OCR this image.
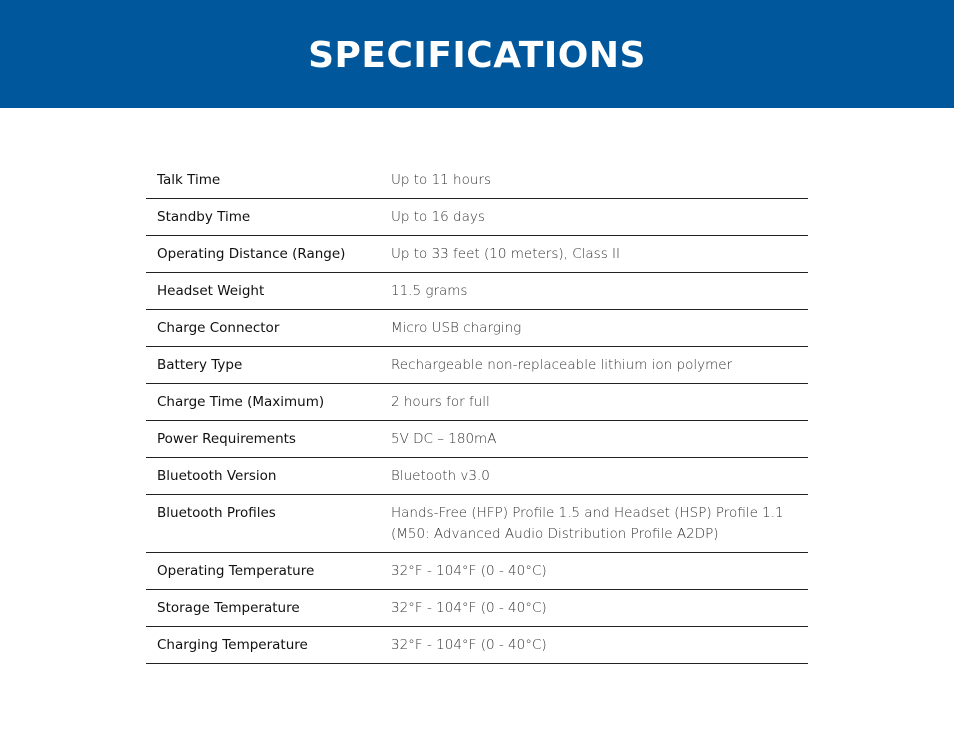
SPECIFICATIONS
Talk Time	Up to 11 hours
Standby Time	Up to 16 days
Operating Distance (Range)	Up to 33 feet (10 meters), Class II
Headset Weight	11.5 grams
Charge Connector	Micro USB charging
Battery Type	Rechargeable non-replaceable lithium ion polymer
Charge Time (Maximum)	2 hours for full
Power Requirements	5V DC – 180mA
Bluetooth Version	Bluetooth v3.0
Bluetooth Profiles	Hands-Free (HFP) Profile 1.5 and Headset (HSP) Profile 1.1
(M50: Advanced Audio Distribution Profile A2DP)
Operating Temperature	32°F - 104°F (0 - 40°C)
Storage Temperature	32°F - 104°F (0 - 40°C)
Charging Temperature	32°F - 104°F (0 - 40°C)
